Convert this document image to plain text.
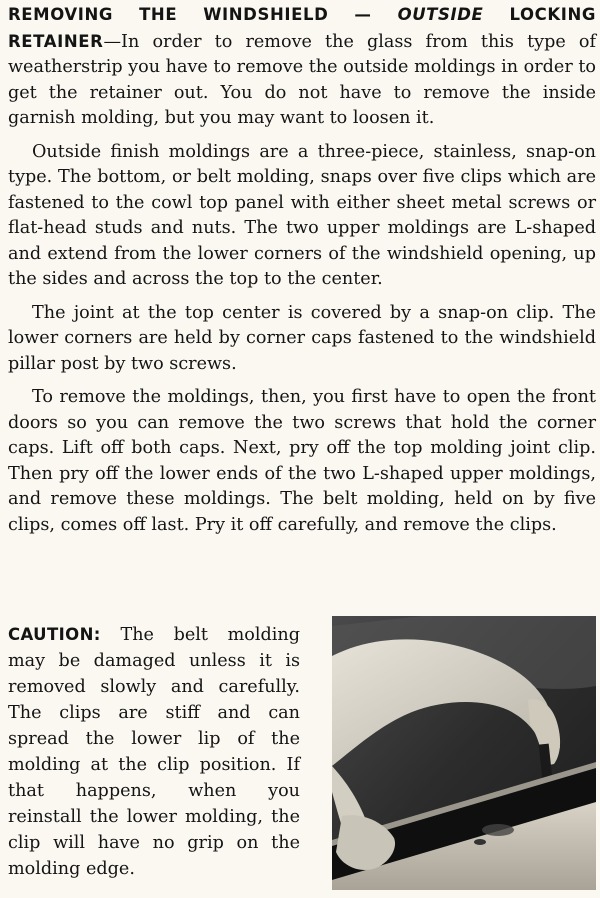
REMOVING THE WINDSHIELD — OUTSIDE LOCKING RETAINER—In order to remove the glass from this type of weatherstrip you have to remove the outside moldings in order to get the retainer out. You do not have to remove the inside garnish molding, but you may want to loosen it.

Outside finish moldings are a three-piece, stainless, snap-on type. The bottom, or belt molding, snaps over five clips which are fastened to the cowl top panel with either sheet metal screws or flat-head studs and nuts. The two upper moldings are L-shaped and extend from the lower corners of the windshield opening, up the sides and across the top to the center.

The joint at the top center is covered by a snap-on clip. The lower corners are held by corner caps fastened to the windshield pillar post by two screws.

To remove the moldings, then, you first have to open the front doors so you can remove the two screws that hold the corner caps. Lift off both caps. Next, pry off the top molding joint clip. Then pry off the lower ends of the two L-shaped upper moldings, and remove these moldings. The belt molding, held on by five clips, comes off last. Pry it off carefully, and remove the clips.

CAUTION: The belt molding may be damaged unless it is removed slowly and carefully. The clips are stiff and can spread the lower lip of the molding at the clip position. If that happens, when you reinstall the lower molding, the clip will have no grip on the molding edge.
